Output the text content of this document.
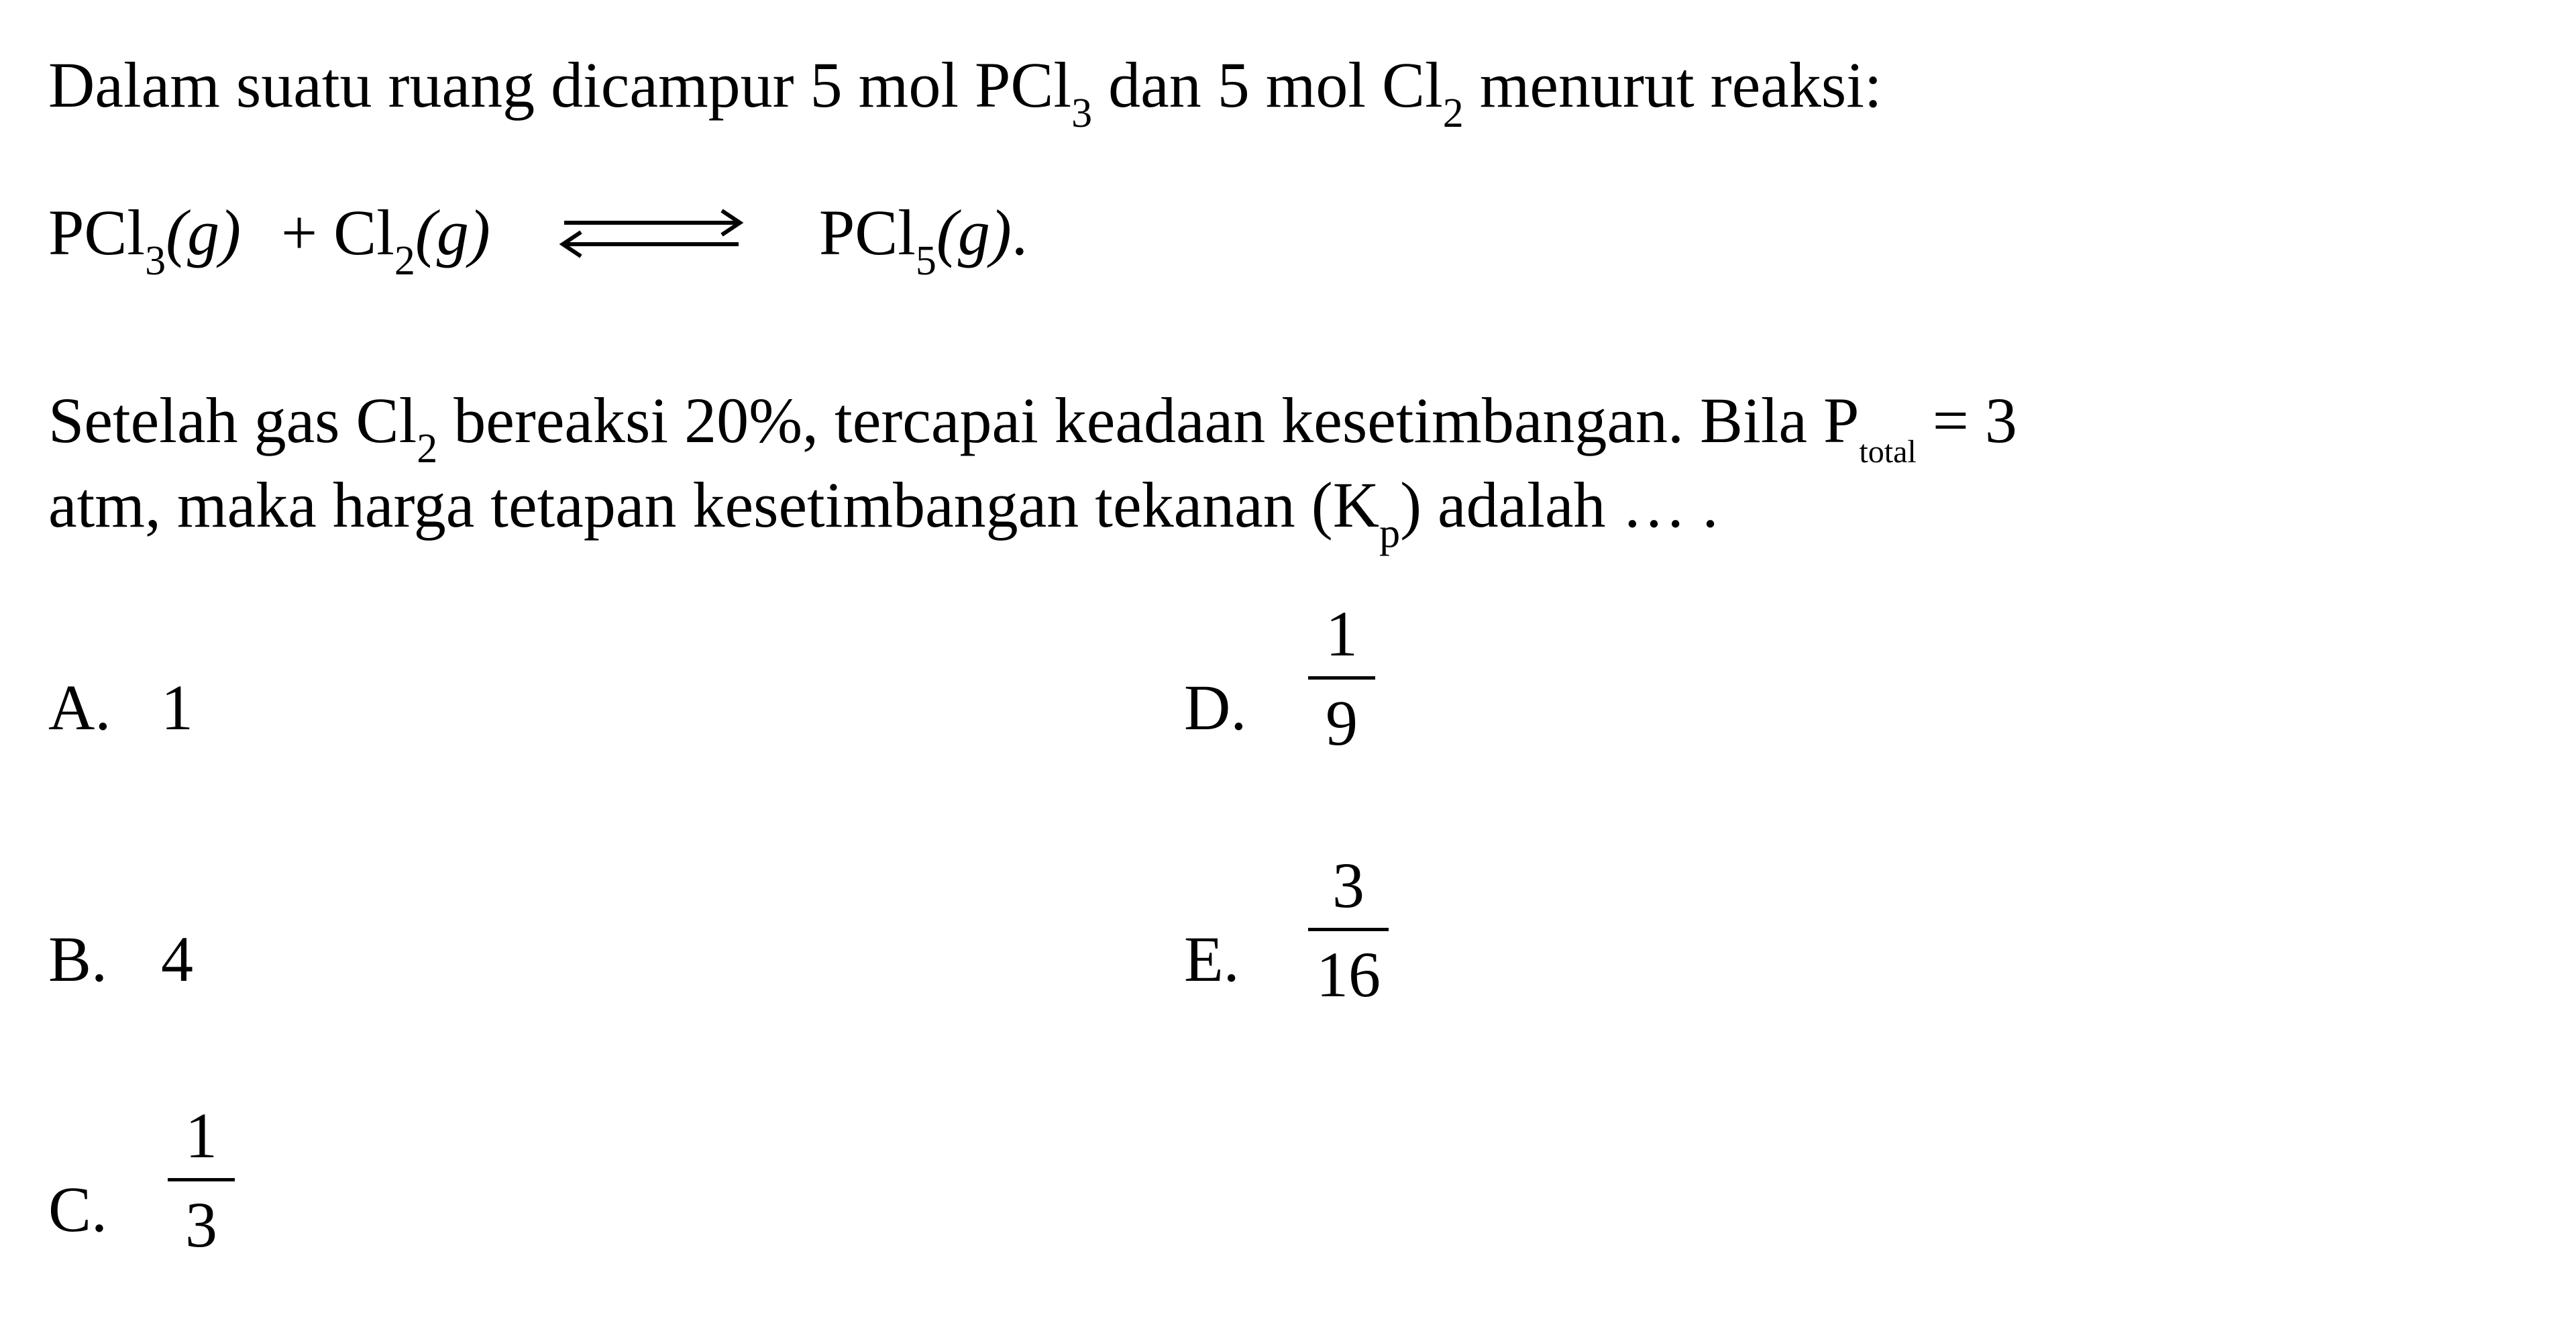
Dalam suatu ruang dicampur 5 mol PCl$_3$ dan 5 mol $Cl_2$ menurut reaksi:
$PCl_3(g) + Cl_2(g)$ ⇌ PCl$_5$(g).
Setelah gas $Cl_2$ bereaksi 20%, tercapai keadaan kesetimbangan. Bila $P_{total} = 3$
atm, maka harga tetapan kesetimbangan tekanan $(K_p)$ adalah … .
A. 1
B. 4
C.
1
3
D.
1
9
E.
3
16
